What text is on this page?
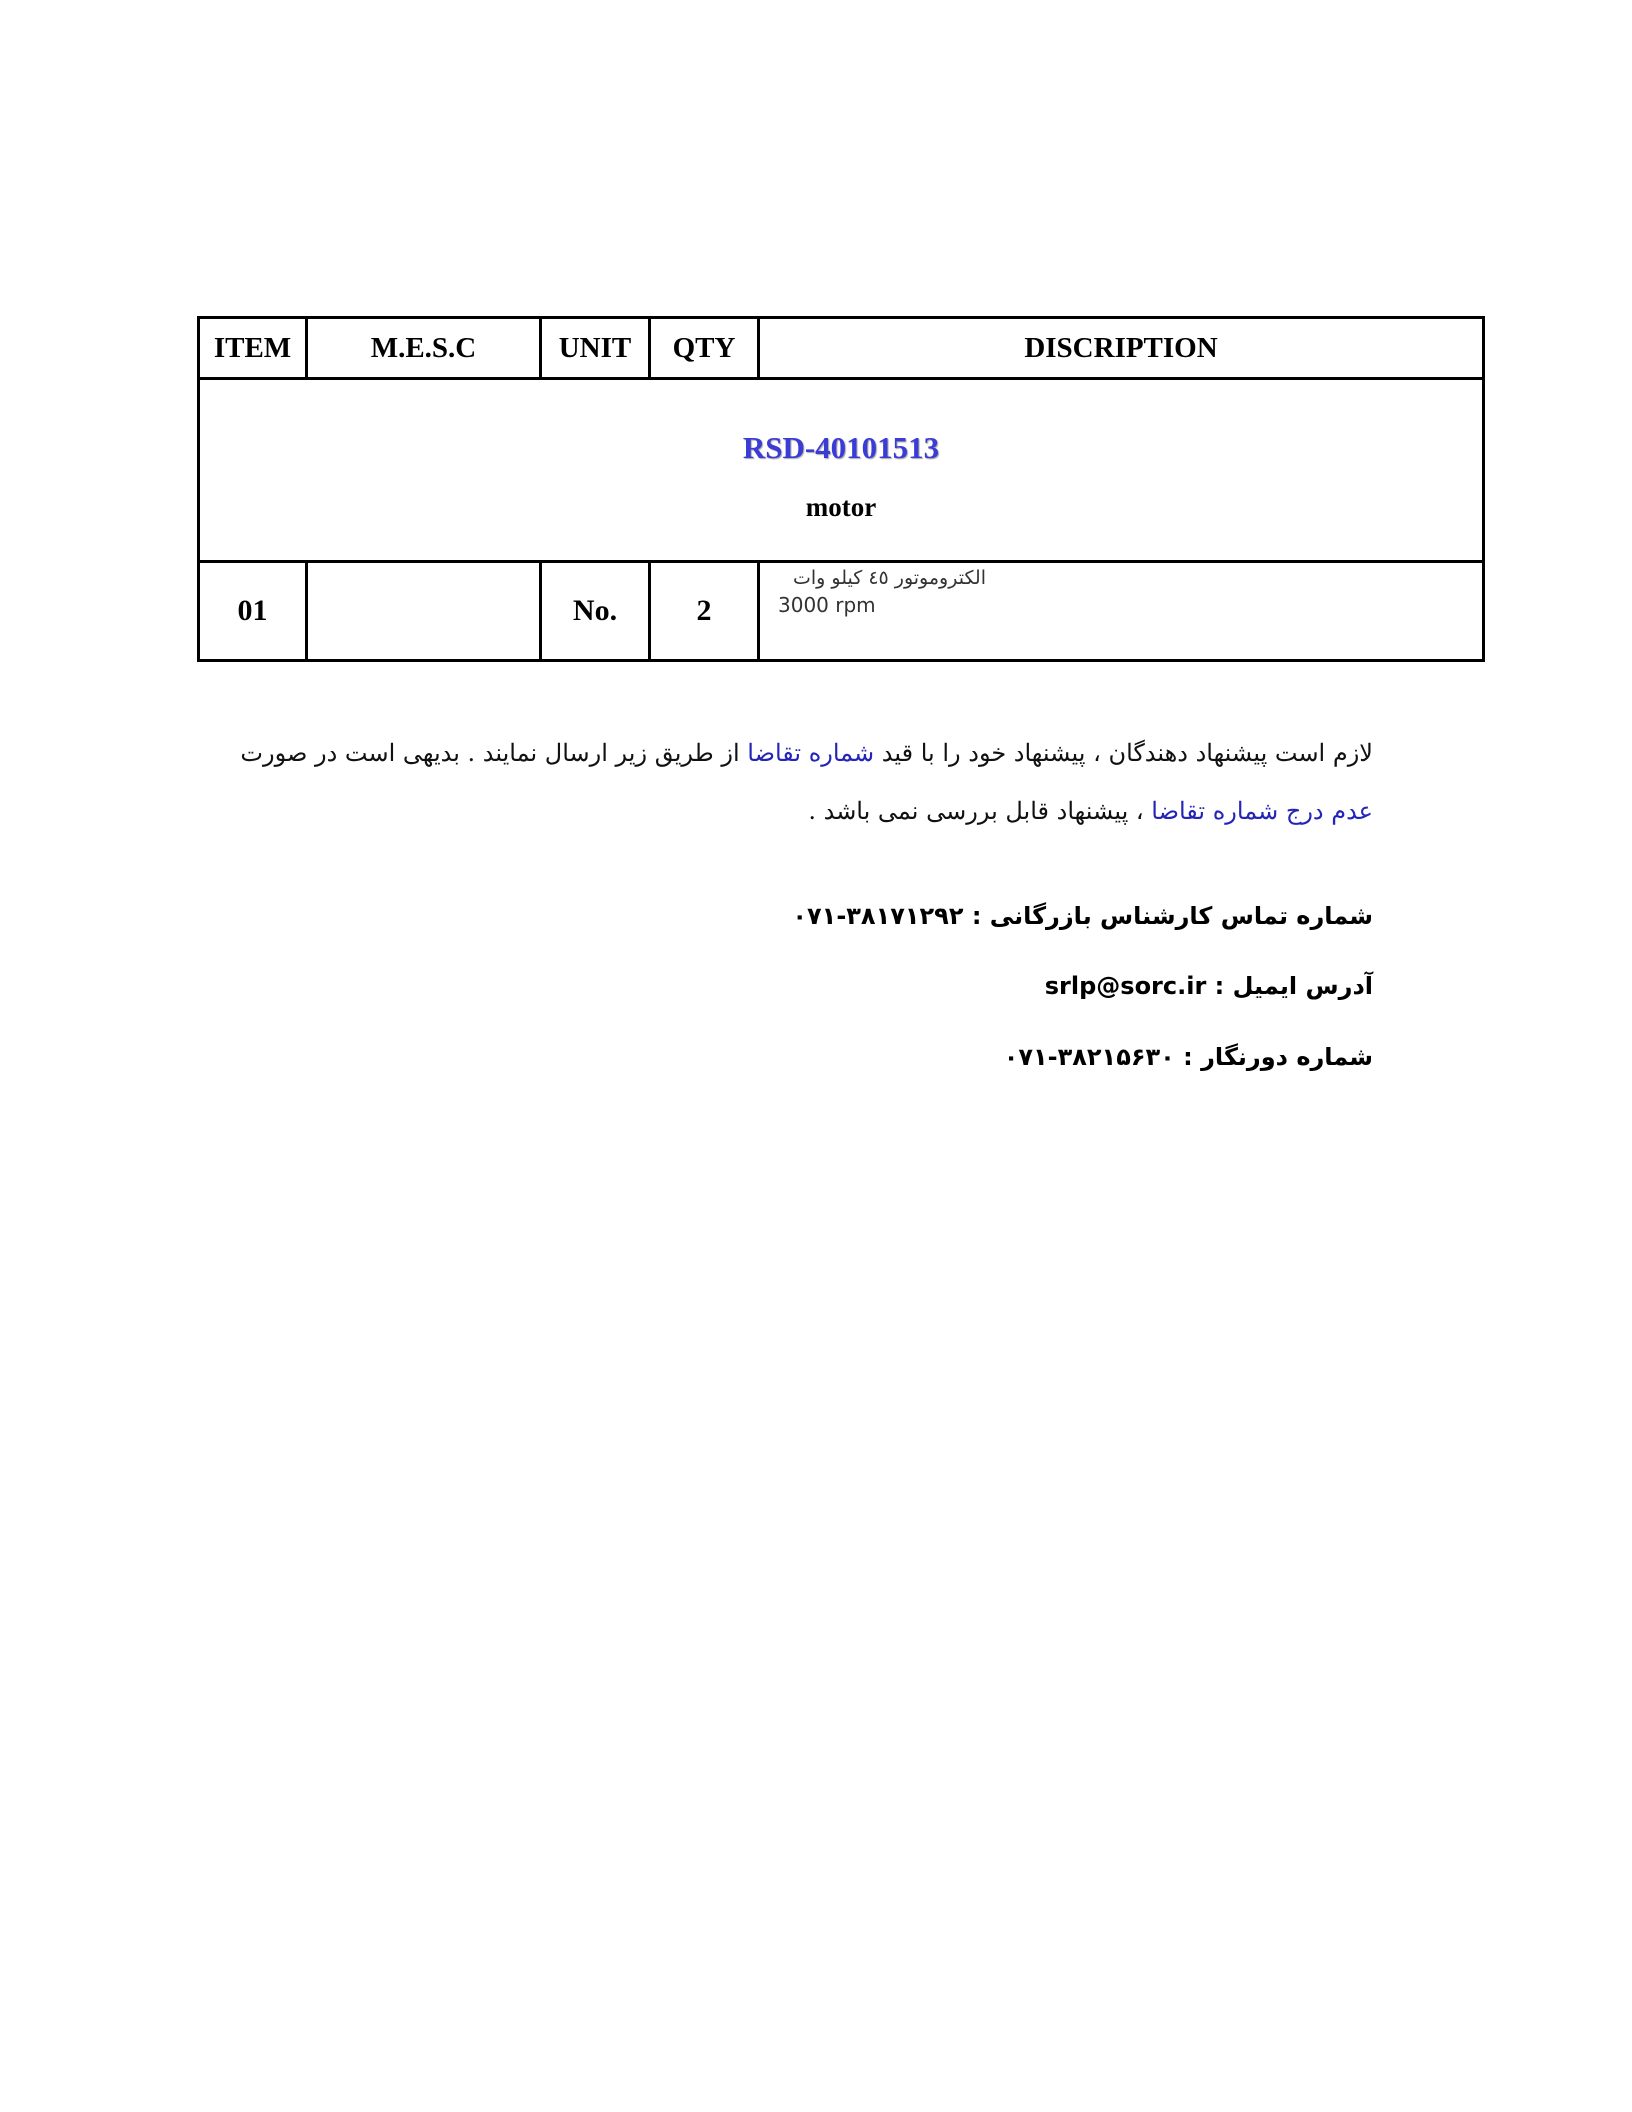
ITEM	M.E.S.C	UNIT	QTY	DISCRIPTION

RSD-40101513
motor				

01		No.	2	الکتروموتور ٤٥ کیلو وات
3000 rpm
لازم است پیشنهاد دهندگان ، پیشنهاد خود را با قید شماره تقاضا از طریق زیر ارسال نمایند . بدیهی است در صورت عدم درج شماره تقاضا ، پیشنهاد قابل بررسی نمی باشد .
شماره تماس کارشناس بازرگانی : ۰۷۱-۳۸۱۷۱۲۹۲
آدرس ایمیل : srlp@sorc.ir
شماره دورنگار : ۰۷۱-۳۸۲۱۵۶۳۰
